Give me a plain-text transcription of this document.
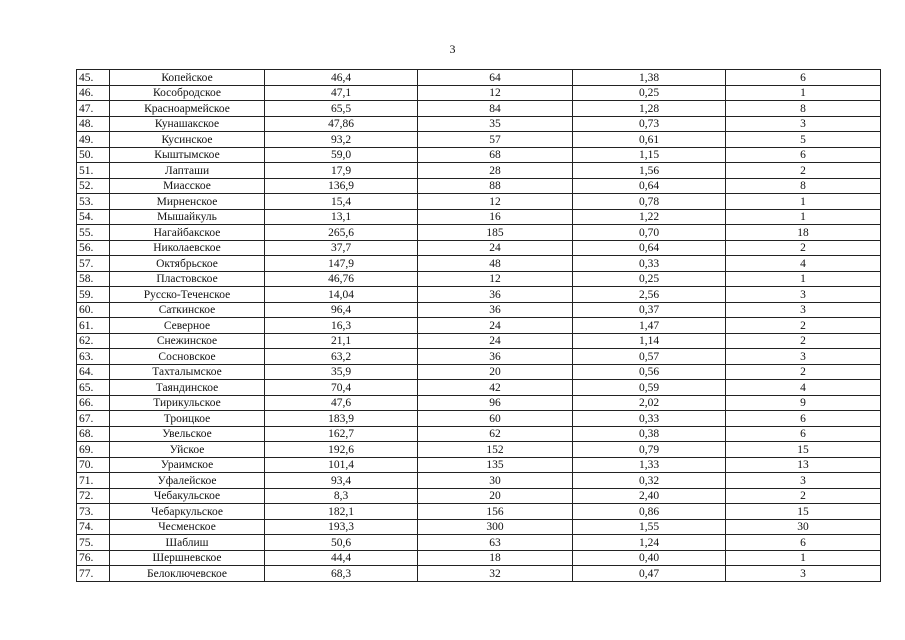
3
45.	Копейское	46,4	64	1,38	6
46.	Кособродское	47,1	12	0,25	1
47.	Красноармейское	65,5	84	1,28	8
48.	Кунашакское	47,86	35	0,73	3
49.	Кусинское	93,2	57	0,61	5
50.	Кыштымское	59,0	68	1,15	6
51.	Лапташи	17,9	28	1,56	2
52.	Миасское	136,9	88	0,64	8
53.	Мирненское	15,4	12	0,78	1
54.	Мышайкуль	13,1	16	1,22	1
55.	Нагайбакское	265,6	185	0,70	18
56.	Николаевское	37,7	24	0,64	2
57.	Октябрьское	147,9	48	0,33	4
58.	Пластовское	46,76	12	0,25	1
59.	Русско-Теченское	14,04	36	2,56	3
60.	Саткинское	96,4	36	0,37	3
61.	Северное	16,3	24	1,47	2
62.	Снежинское	21,1	24	1,14	2
63.	Сосновское	63,2	36	0,57	3
64.	Тахталымское	35,9	20	0,56	2
65.	Таяндинское	70,4	42	0,59	4
66.	Тирикульское	47,6	96	2,02	9
67.	Троицкое	183,9	60	0,33	6
68.	Увельское	162,7	62	0,38	6
69.	Уйское	192,6	152	0,79	15
70.	Ураимское	101,4	135	1,33	13
71.	Уфалейское	93,4	30	0,32	3
72.	Чебакульское	8,3	20	2,40	2
73.	Чебаркульское	182,1	156	0,86	15
74.	Чесменское	193,3	300	1,55	30
75.	Шаблиш	50,6	63	1,24	6
76.	Шершневское	44,4	18	0,40	1
77.	Белоключевское	68,3	32	0,47	3
